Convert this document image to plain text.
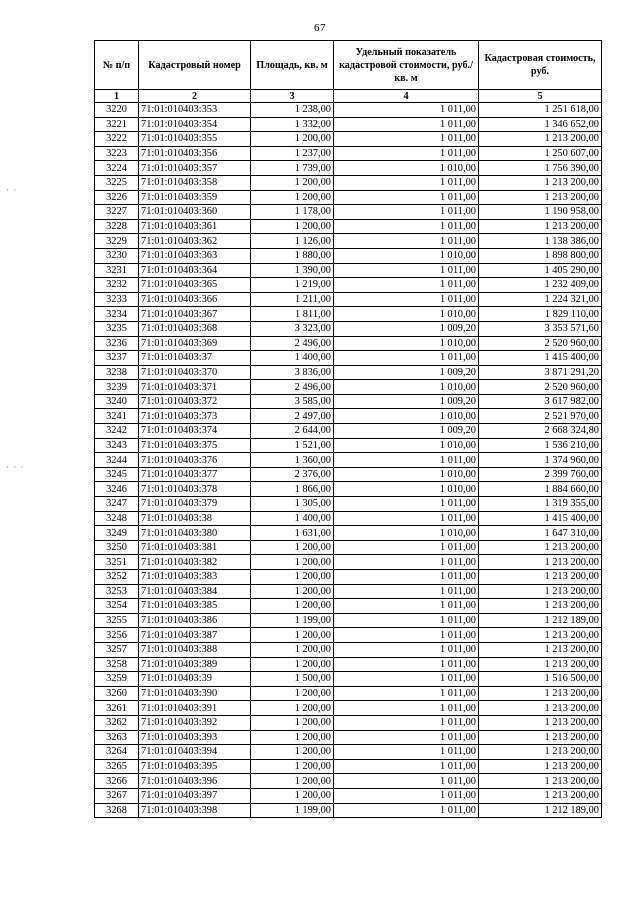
67
· ·
· · ·
№ п/п	Кадастровый номер	Площадь, кв. м	Удельный показатель кадастровой стоимости, руб./кв. м	Кадастровая стоимость, руб.
1	2	3	4	5
3220	71:01:010403:353	1 238,00	1 011,00	1 251 618,00
3221	71:01:010403:354	1 332,00	1 011,00	1 346 652,00
3222	71:01:010403:355	1 200,00	1 011,00	1 213 200,00
3223	71:01:010403:356	1 237,00	1 011,00	1 250 607,00
3224	71:01:010403:357	1 739,00	1 010,00	1 756 390,00
3225	71:01:010403:358	1 200,00	1 011,00	1 213 200,00
3226	71:01:010403:359	1 200,00	1 011,00	1 213 200,00
3227	71:01:010403:360	1 178,00	1 011,00	1 190 958,00
3228	71:01:010403:361	1 200,00	1 011,00	1 213 200,00
3229	71:01:010403:362	1 126,00	1 011,00	1 138 386,00
3230	71:01:010403:363	1 880,00	1 010,00	1 898 800,00
3231	71:01:010403:364	1 390,00	1 011,00	1 405 290,00
3232	71:01:010403:365	1 219,00	1 011,00	1 232 409,00
3233	71:01:010403:366	1 211,00	1 011,00	1 224 321,00
3234	71:01:010403:367	1 811,00	1 010,00	1 829 110,00
3235	71:01:010403:368	3 323,00	1 009,20	3 353 571,60
3236	71:01:010403:369	2 496,00	1 010,00	2 520 960,00
3237	71:01:010403:37	1 400,00	1 011,00	1 415 400,00
3238	71:01:010403:370	3 836,00	1 009,20	3 871 291,20
3239	71:01:010403:371	2 496,00	1 010,00	2 520 960,00
3240	71:01:010403:372	3 585,00	1 009,20	3 617 982,00
3241	71:01:010403:373	2 497,00	1 010,00	2 521 970,00
3242	71:01:010403:374	2 644,00	1 009,20	2 668 324,80
3243	71:01:010403:375	1 521,00	1 010,00	1 536 210,00
3244	71:01:010403:376	1 360,00	1 011,00	1 374 960,00
3245	71:01:010403:377	2 376,00	1 010,00	2 399 760,00
3246	71:01:010403:378	1 866,00	1 010,00	1 884 660,00
3247	71:01:010403:379	1 305,00	1 011,00	1 319 355,00
3248	71:01:010403:38	1 400,00	1 011,00	1 415 400,00
3249	71:01:010403:380	1 631,00	1 010,00	1 647 310,00
3250	71:01:010403:381	1 200,00	1 011,00	1 213 200,00
3251	71:01:010403:382	1 200,00	1 011,00	1 213 200,00
3252	71:01:010403:383	1 200,00	1 011,00	1 213 200,00
3253	71:01:010403:384	1 200,00	1 011,00	1 213 200,00
3254	71:01:010403:385	1 200,00	1 011,00	1 213 200,00
3255	71:01:010403:386	1 199,00	1 011,00	1 212 189,00
3256	71:01:010403:387	1 200,00	1 011,00	1 213 200,00
3257	71:01:010403:388	1 200,00	1 011,00	1 213 200,00
3258	71:01:010403:389	1 200,00	1 011,00	1 213 200,00
3259	71:01:010403:39	1 500,00	1 011,00	1 516 500,00
3260	71:01:010403:390	1 200,00	1 011,00	1 213 200,00
3261	71:01:010403:391	1 200,00	1 011,00	1 213 200,00
3262	71:01:010403:392	1 200,00	1 011,00	1 213 200,00
3263	71:01:010403:393	1 200,00	1 011,00	1 213 200,00
3264	71:01:010403:394	1 200,00	1 011,00	1 213 200,00
3265	71:01:010403:395	1 200,00	1 011,00	1 213 200,00
3266	71:01:010403:396	1 200,00	1 011,00	1 213 200,00
3267	71:01:010403:397	1 200,00	1 011,00	1 213 200,00
3268	71:01:010403:398	1 199,00	1 011,00	1 212 189,00
